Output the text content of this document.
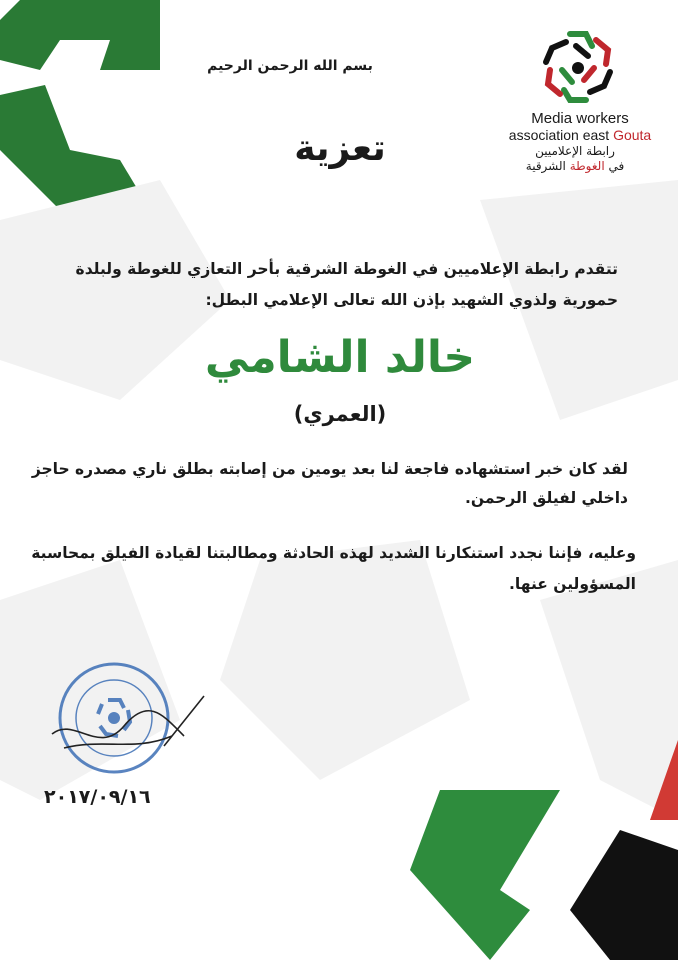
Media workers
association east Gouta
رابطة الإعلاميين
في الغوطة الشرقية
بسم الله الرحمن الرحيم
تعزية
تتقدم رابطة الإعلاميين في الغوطة الشرقية بأحر التعازي للغوطة ولبلدة حمورية ولذوي الشهيد بإذن الله تعالى الإعلامي البطل:
خالد الشامي
(العمري)
لقد كان خبر استشهاده فاجعة لنا بعد يومين من إصابته بطلق ناري مصدره حاجز داخلي لفيلق الرحمن.
وعليه، فإننا نجدد استنكارنا الشديد لهذه الحادثة ومطالبتنا لقيادة الفيلق بمحاسبة المسؤولين عنها.
٢٠١٧/٠٩/١٦
